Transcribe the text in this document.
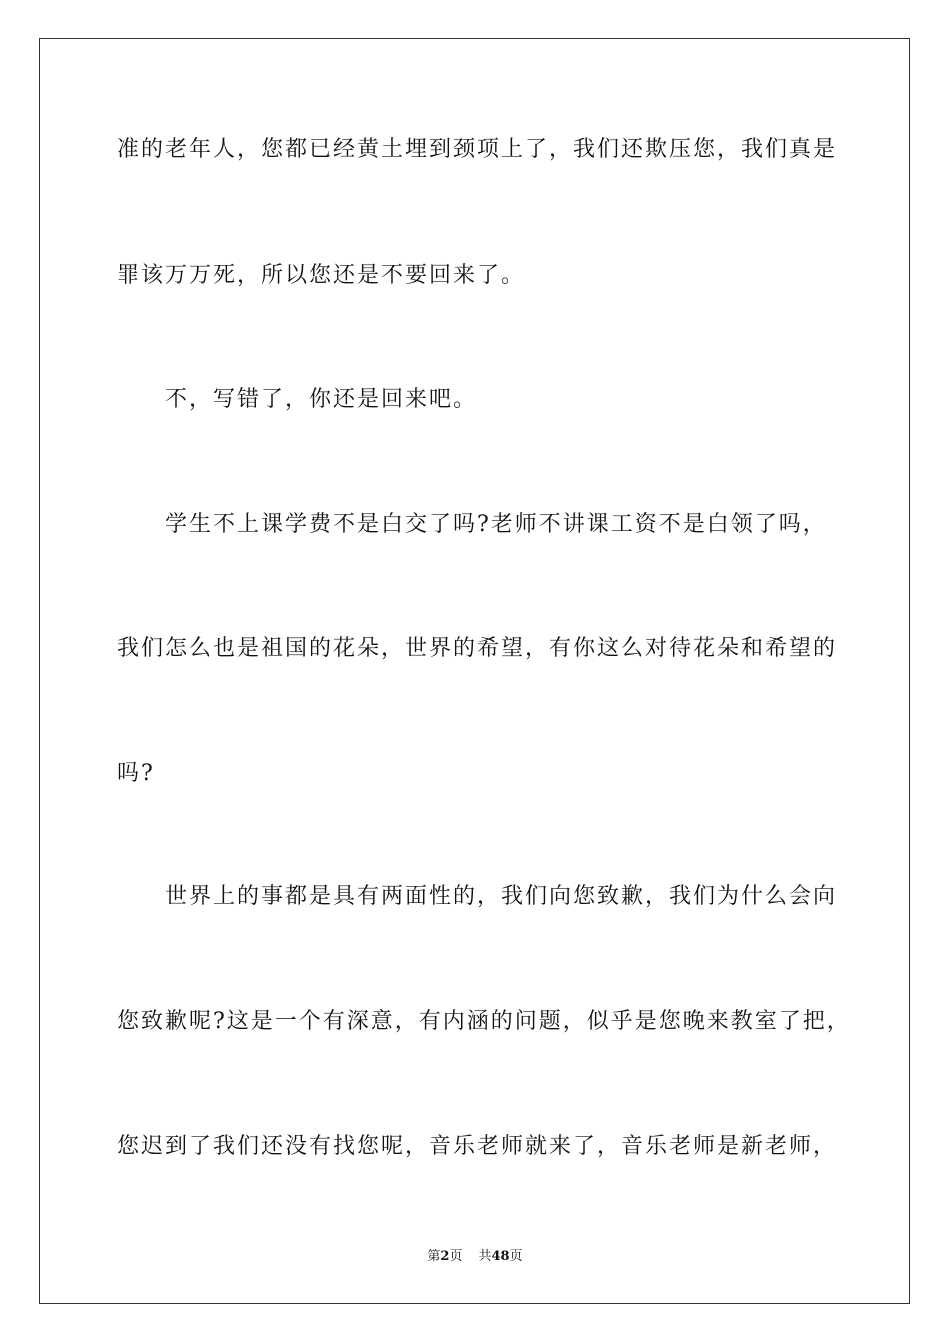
准的老年人，您都已经黄土埋到颈项上了，我们还欺压您，我们真是
罪该万万死，所以您还是不要回来了。
不，写错了，你还是回来吧。
学生不上课学费不是白交了吗?老师不讲课工资不是白领了吗，
我们怎么也是祖国的花朵，世界的希望，有你这么对待花朵和希望的
吗?
世界上的事都是具有两面性的，我们向您致歉，我们为什么会向
您致歉呢?这是一个有深意，有内涵的问题，似乎是您晚来教室了把，
您迟到了我们还没有找您呢，音乐老师就来了，音乐老师是新老师，
第2页 共48页
